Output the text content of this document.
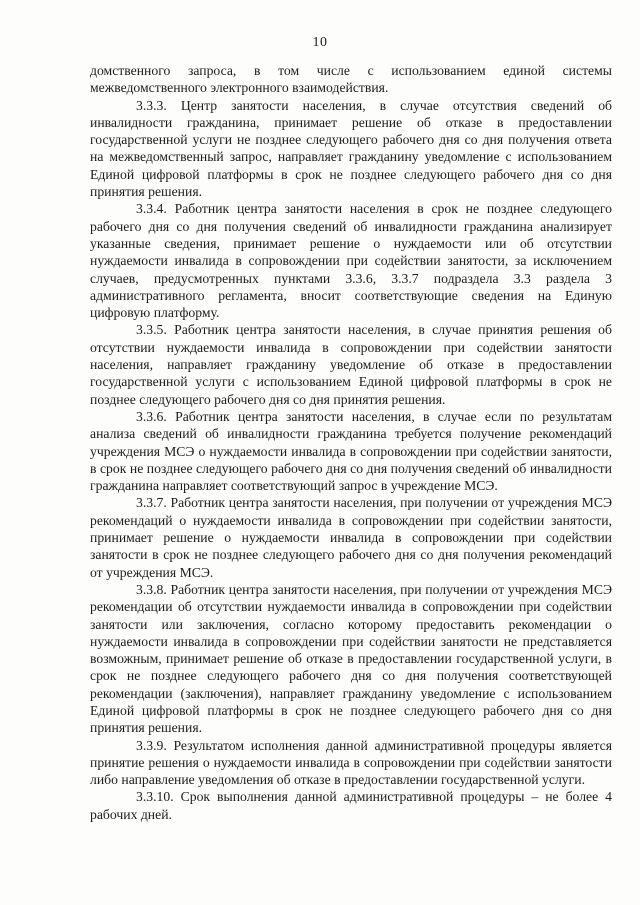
10

домственного запроса, в том числе с использованием единой системы межведомственного электронного взаимодействия.

3.3.3. Центр занятости населения, в случае отсутствия сведений об инвалидности гражданина, принимает решение об отказе в предоставлении государственной услуги не позднее следующего рабочего дня со дня получения ответа на межведомственный запрос, направляет гражданину уведомление с использованием Единой цифровой платформы в срок не позднее следующего рабочего дня со дня принятия решения.

3.3.4. Работник центра занятости населения в срок не позднее следующего рабочего дня со дня получения сведений об инвалидности гражданина анализирует указанные сведения, принимает решение о нуждаемости или об отсутствии нуждаемости инвалида в сопровождении при содействии занятости, за исключением случаев, предусмотренных пунктами 3.3.6, 3.3.7 подраздела 3.3 раздела 3 административного регламента, вносит соответствующие сведения на Единую цифровую платформу.

3.3.5. Работник центра занятости населения, в случае принятия решения об отсутствии нуждаемости инвалида в сопровождении при содействии занятости населения, направляет гражданину уведомление об отказе в предоставлении государственной услуги с использованием Единой цифровой платформы в срок не позднее следующего рабочего дня со дня принятия решения.

3.3.6. Работник центра занятости населения, в случае если по результатам анализа сведений об инвалидности гражданина требуется получение рекомендаций учреждения МСЭ о нуждаемости инвалида в сопровождении при содействии занятости, в срок не позднее следующего рабочего дня со дня получения сведений об инвалидности гражданина направляет соответствующий запрос в учреждение МСЭ.

3.3.7. Работник центра занятости населения, при получении от учреждения МСЭ рекомендаций о нуждаемости инвалида в сопровождении при содействии занятости, принимает решение о нуждаемости инвалида в сопровождении при содействии занятости в срок не позднее следующего рабочего дня со дня получения рекомендаций от учреждения МСЭ.

3.3.8. Работник центра занятости населения, при получении от учреждения МСЭ рекомендации об отсутствии нуждаемости инвалида в сопровождении при содействии занятости или заключения, согласно которому предоставить рекомендации о нуждаемости инвалида в сопровождении при содействии занятости не представляется возможным, принимает решение об отказе в предоставлении государственной услуги, в срок не позднее следующего рабочего дня со дня получения соответствующей рекомендации (заключения), направляет гражданину уведомление с использованием Единой цифровой платформы в срок не позднее следующего рабочего дня со дня принятия решения.

3.3.9. Результатом исполнения данной административной процедуры является принятие решения о нуждаемости инвалида в сопровождении при содействии занятости либо направление уведомления об отказе в предоставлении государственной услуги.

3.3.10. Срок выполнения данной административной процедуры – не более 4 рабочих дней.
